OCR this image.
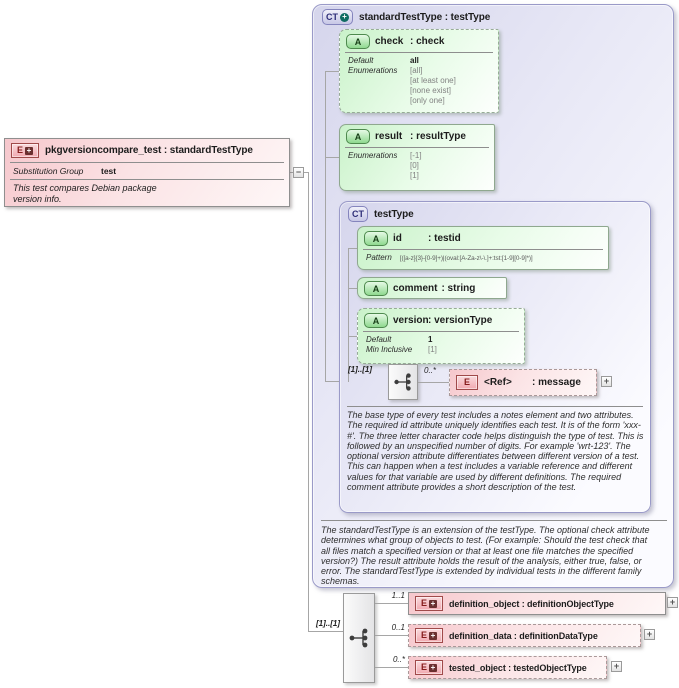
E + pkgversioncompare_test : standardTestType
Substitution Group	test
This test compares Debian package version info.
−
CT + standardTestType : testType
A	check : check
Default	all
Enumerations	[all]
[at least one]
[none exist]
[only one]
A	result : resultType
Enumerations	[-1]
[0]
[1]
CT	testType
A	id	: testid
Pattern [([a-z]{3}-[0-9]+)|(oval:[A-Za-z\-\.]+:tst:[1-9][0-9]*)]
A	comment : string
A	version : versionType
Default	1
Min Inclusive	[1]
[1]..[1]	0..*
E <Ref>	: message	+
The base type of every test includes a notes element and two attributes. The required id attribute uniquely identifies each test. It is of the form 'xxx-#'. The three letter character code helps distinguish the type of test. This is followed by an unspecified number of digits. For example 'wrt-123'. The optional version attribute differentiates between different version of a test. This can happen when a test includes a variable reference and different values for that variable are used by different definitions. The required comment attribute provides a short description of the test.
The standardTestType is an extension of the testType. The optional check attribute determines what group of objects to test. (For example: Should the test check that all files match a specified version or that at least one file matches the specified version?) The result attribute holds the result of the analysis, either true, false, or error. The standardTestType is extended by individual tests in the different family schemas.
[1]..[1]
1..1
0..1
0..*
E + definition_object : definitionObjectType	+
E + definition_data : definitionDataType	+
E + tested_object : testedObjectType	+
